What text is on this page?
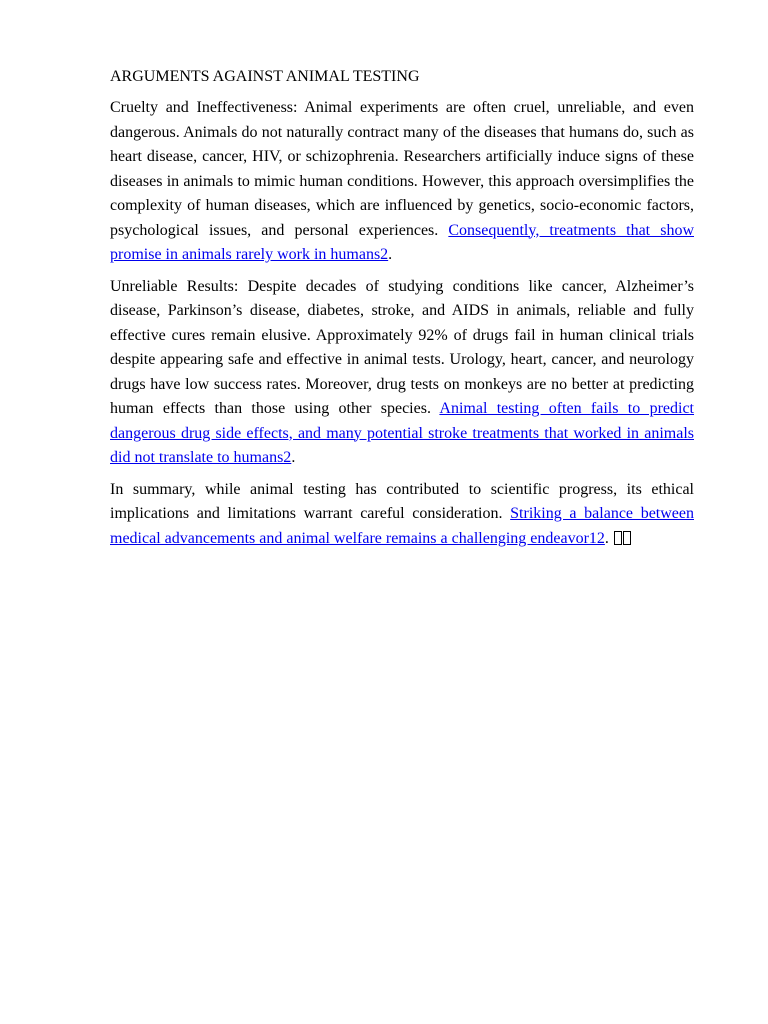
ARGUMENTS AGAINST ANIMAL TESTING

Cruelty and Ineffectiveness: Animal experiments are often cruel, unreliable, and even dangerous. Animals do not naturally contract many of the diseases that humans do, such as heart disease, cancer, HIV, or schizophrenia. Researchers artificially induce signs of these diseases in animals to mimic human conditions. However, this approach oversimplifies the complexity of human diseases, which are influenced by genetics, socio-economic factors, psychological issues, and personal experiences. Consequently, treatments that show promise in animals rarely work in humans2.

Unreliable Results: Despite decades of studying conditions like cancer, Alzheimer’s disease, Parkinson’s disease, diabetes, stroke, and AIDS in animals, reliable and fully effective cures remain elusive. Approximately 92% of drugs fail in human clinical trials despite appearing safe and effective in animal tests. Urology, heart, cancer, and neurology drugs have low success rates. Moreover, drug tests on monkeys are no better at predicting human effects than those using other species. Animal testing often fails to predict dangerous drug side effects, and many potential stroke treatments that worked in animals did not translate to humans2.

In summary, while animal testing has contributed to scientific progress, its ethical implications and limitations warrant careful consideration. Striking a balance between medical advancements and animal welfare remains a challenging endeavor12.
